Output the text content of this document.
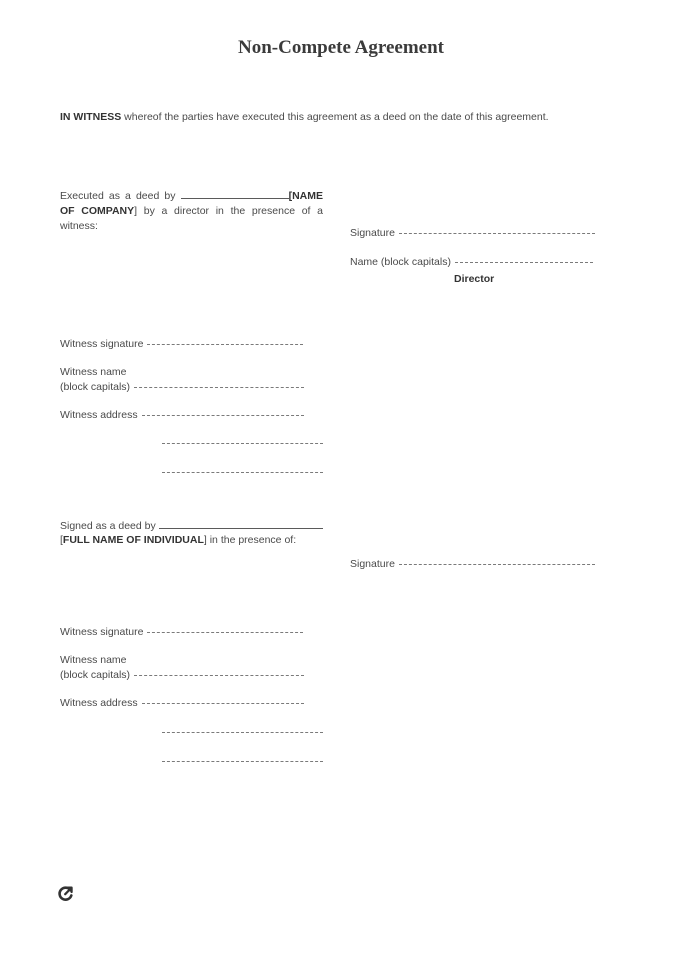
Non-Compete Agreement
IN WITNESS whereof the parties have executed this agreement as a deed on the date of this agreement.
Executed as a deed by	[NAME OF COMPANY] by a director in the presence of a witness:
Signature
Name (block capitals)
Director
Witness signature
Witness name
(block capitals)
Witness address
Signed as a deed by
[FULL NAME OF INDIVIDUAL] in the presence of:
Signature
Witness signature
Witness name
(block capitals)
Witness address
